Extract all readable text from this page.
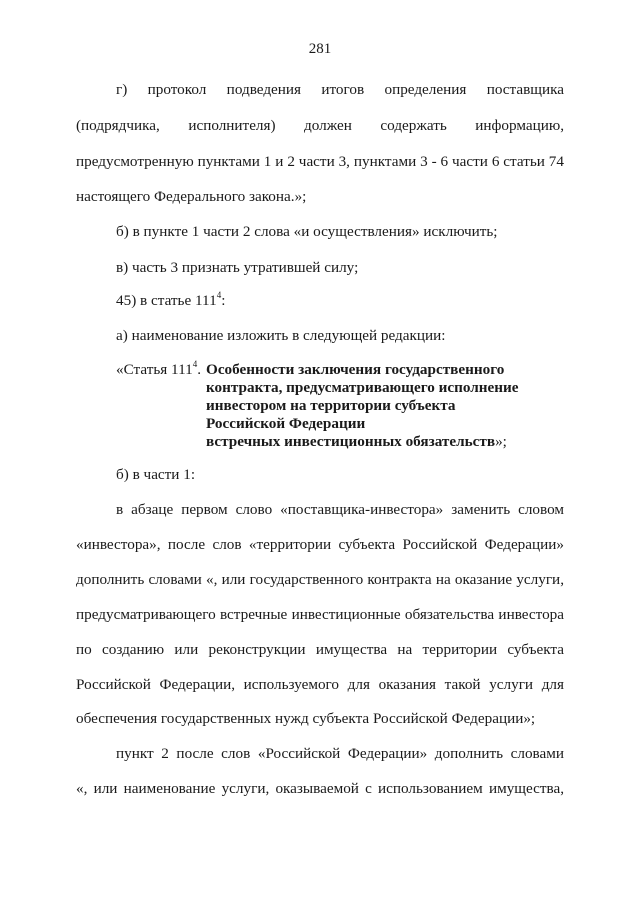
281
г) протокол подведения итогов определения поставщика
(подрядчика, исполнителя) должен содержать информацию,
предусмотренную пунктами 1 и 2 части 3, пунктами 3 - 6 части 6 статьи 74
настоящего Федерального закона.»;
б) в пункте 1 части 2 слова «и осуществления» исключить;
в) часть 3 признать утратившей силу;
45) в статье $111^4$:
а) наименование изложить в следующей редакции:
«Статья $111^4$. Особенности заключения государственного
контракта, предусматривающего исполнение
инвестором на территории субъекта
Российской Федерации
встречных инвестиционных обязательств»;
б) в части 1:
в абзаце первом слово «поставщика-инвестора» заменить словом
«инвестора», после слов «территории субъекта Российской Федерации»
дополнить словами «, или государственного контракта на оказание услуги,
предусматривающего встречные инвестиционные обязательства инвестора
по созданию или реконструкции имущества на территории субъекта
Российской Федерации, используемого для оказания такой услуги для
обеспечения государственных нужд субъекта Российской Федерации»;
пункт 2 после слов «Российской Федерации» дополнить словами
«, или наименование услуги, оказываемой с использованием имущества,
